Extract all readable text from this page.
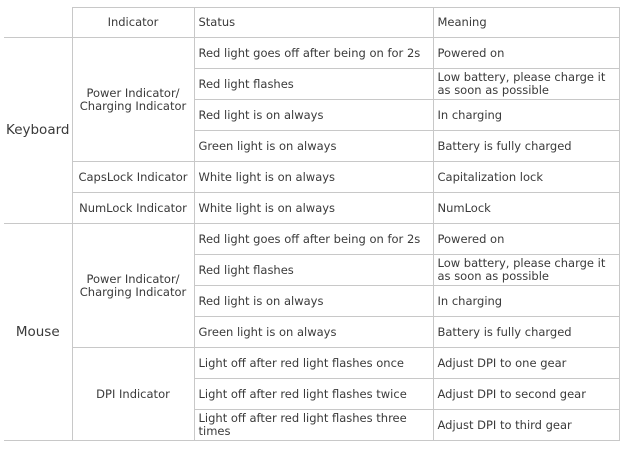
	Indicator	Status	Meaning
Keyboard	Power Indicator/ Charging Indicator	Red light goes off after being on for 2s	Powered on
		Red light flashes	Low battery, please charge it as soon as possible
		Red light is on always	In charging
		Green light is on always	Battery is fully charged
	CapsLock Indicator	White light is on always	Capitalization lock
	NumLock Indicator	White light is on always	NumLock
Mouse	Power Indicator/ Charging Indicator	Red light goes off after being on for 2s	Powered on
		Red light flashes	Low battery, please charge it as soon as possible
		Red light is on always	In charging
		Green light is on always	Battery is fully charged
	DPI Indicator	Light off after red light flashes once	Adjust DPI to one gear
		Light off after red light flashes twice	Adjust DPI to second gear
		Light off after red light flashes three times	Adjust DPI to third gear
